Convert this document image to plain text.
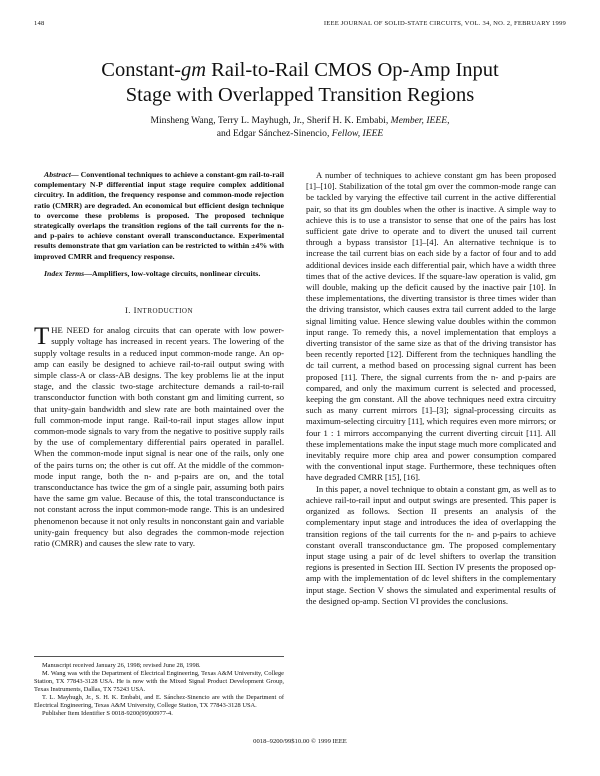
148	IEEE JOURNAL OF SOLID-STATE CIRCUITS, VOL. 34, NO. 2, FEBRUARY 1999
Constant-gm Rail-to-Rail CMOS Op-Amp Input
Stage with Overlapped Transition Regions
Minsheng Wang, Terry L. Mayhugh, Jr., Sherif H. K. Embabi, Member, IEEE,
and Edgar Sánchez-Sinencio, Fellow, IEEE

Abstract— Conventional techniques to achieve a constant-gm rail-to-rail complementary N-P differential input stage require complex additional circuitry. In addition, the frequency response and common-mode rejection ratio (CMRR) are degraded. An economical but efficient design technique to overcome these problems is proposed. The proposed technique strategically overlaps the transition regions of the tail currents for the n- and p-pairs to achieve constant overall transconductance. Experimental results demonstrate that gm variation can be restricted to within ±4% with improved CMRR and frequency response.

Index Terms—Amplifiers, low-voltage circuits, nonlinear circuits.

I. INTRODUCTION

THE NEED for analog circuits that can operate with low power-supply voltage has increased in recent years. The lowering of the supply voltage results in a reduced input common-mode range. An op-amp can easily be designed to achieve rail-to-rail output swing with simple class-A or class-AB designs. The key problems lie at the input stage, and the classic two-stage architecture demands a rail-to-rail transconductor function with both constant gm and limiting current, so that unity-gain bandwidth and slew rate are both maintained over the full common-mode input range. Rail-to-rail input stages allow input common-mode signals to vary from the negative to positive supply rails by the use of complementary differential pairs operated in parallel. When the common-mode input signal is near one of the rails, only one of the pairs turns on; the other is cut off. At the middle of the common-mode input range, both the n- and p-pairs are on, and the total transconductance has twice the gm of a single pair, assuming both pairs have the same gm value. Because of this, the total transconductance is not constant across the input common-mode range. This is an undesired phenomenon because it not only results in nonconstant gain and variable unity-gain frequency but also degrades the common-mode rejection ratio (CMRR) and causes the slew rate to vary.

Manuscript received January 26, 1998; revised June 28, 1998.

M. Wang was with the Department of Electrical Engineering, Texas A&M University, College Station, TX 77843-3128 USA. He is now with the Mixed Signal Product Development Group, Texas Instruments, Dallas, TX 75243 USA.

T. L. Mayhugh, Jr., S. H. K. Embabi, and E. Sánchez-Sinencio are with the Department of Electrical Engineering, Texas A&M University, College Station, TX 77843-3128 USA.

Publisher Item Identifier S 0018-9200(99)00977-4.

A number of techniques to achieve constant gm has been proposed [1]–[10]. Stabilization of the total gm over the common-mode range can be tackled by varying the effective tail current in the active differential pair, so that its gm doubles when the other is inactive. A simple way to achieve this is to use a transistor to sense that one of the pairs has lost sufficient gate drive to operate and to divert the unused tail current through a bypass transistor [1]–[4]. An alternative technique is to increase the tail current bias on each side by a factor of four and to add additional devices inside each differential pair, which have a width three times that of the active devices. If the square-law operation is valid, gm will double, making up the deficit caused by the inactive pair [10]. In these implementations, the diverting transistor is three times wider than the driving transistor, which causes extra tail current added to the large signal limiting value. Hence slewing value doubles within the common input range. To remedy this, a novel implementation that employs a diverting transistor of the same size as that of the driving transistor has been recently reported [12]. Different from the techniques handling the dc tail current, a method based on processing signal current has been proposed [11]. There, the signal currents from the n- and p-pairs are compared, and only the maximum current is selected and processed, keeping the gm constant. All the above techniques need extra circuitry such as many current mirrors [1]–[3]; signal-processing circuits as maximum-selecting circuitry [11], which requires even more mirrors; or four 1 : 1 mirrors accompanying the current diverting circuit [11]. All these implementations make the input stage much more complicated and inevitably require more chip area and power consumption compared with the conventional input stage. Furthermore, these techniques often have degraded CMRR [15], [16].

In this paper, a novel technique to obtain a constant gm, as well as to achieve rail-to-rail input and output swings are presented. This paper is organized as follows. Section II presents an analysis of the complementary input stage and introduces the idea of overlapping the transition regions of the tail currents for the n- and p-pairs to achieve constant overall transconductance gm. The proposed complementary input stage using a pair of dc level shifters to overlap the transition regions is presented in Section III. Section IV presents the proposed op-amp with the implementation of dc level shifters in the complementary input stage. Section V shows the simulated and experimental results of the designed op-amp. Section VI provides the conclusions.

0018–9200/99$10.00 © 1999 IEEE
